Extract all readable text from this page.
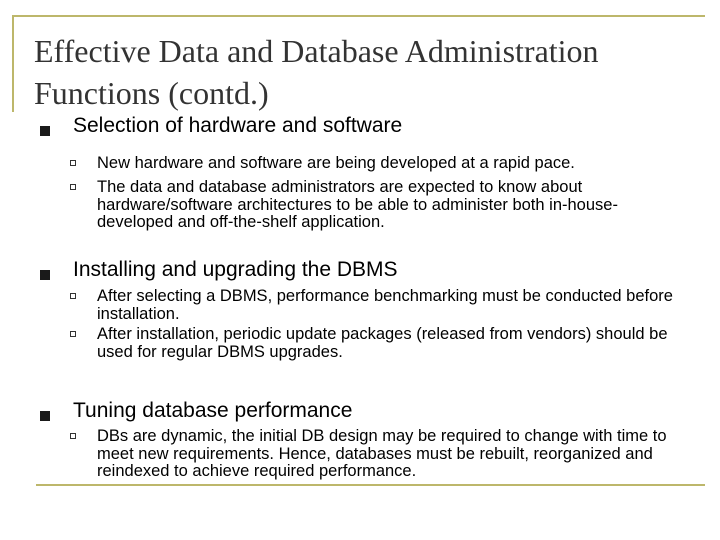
Effective Data and Database Administration Functions (contd.)
Selection of hardware and software
New hardware and software are being developed at a rapid pace.
The data and database administrators are expected to know about hardware/software architectures to be able to administer both in-house-developed and off-the-shelf application.
Installing and upgrading the DBMS
After selecting a DBMS, performance benchmarking must be conducted before installation.
After installation, periodic update packages (released from vendors) should be used for regular DBMS upgrades.
Tuning database performance
DBs are dynamic, the initial DB design may be required to change with time to meet new requirements. Hence, databases must be rebuilt, reorganized and reindexed to achieve required performance.
